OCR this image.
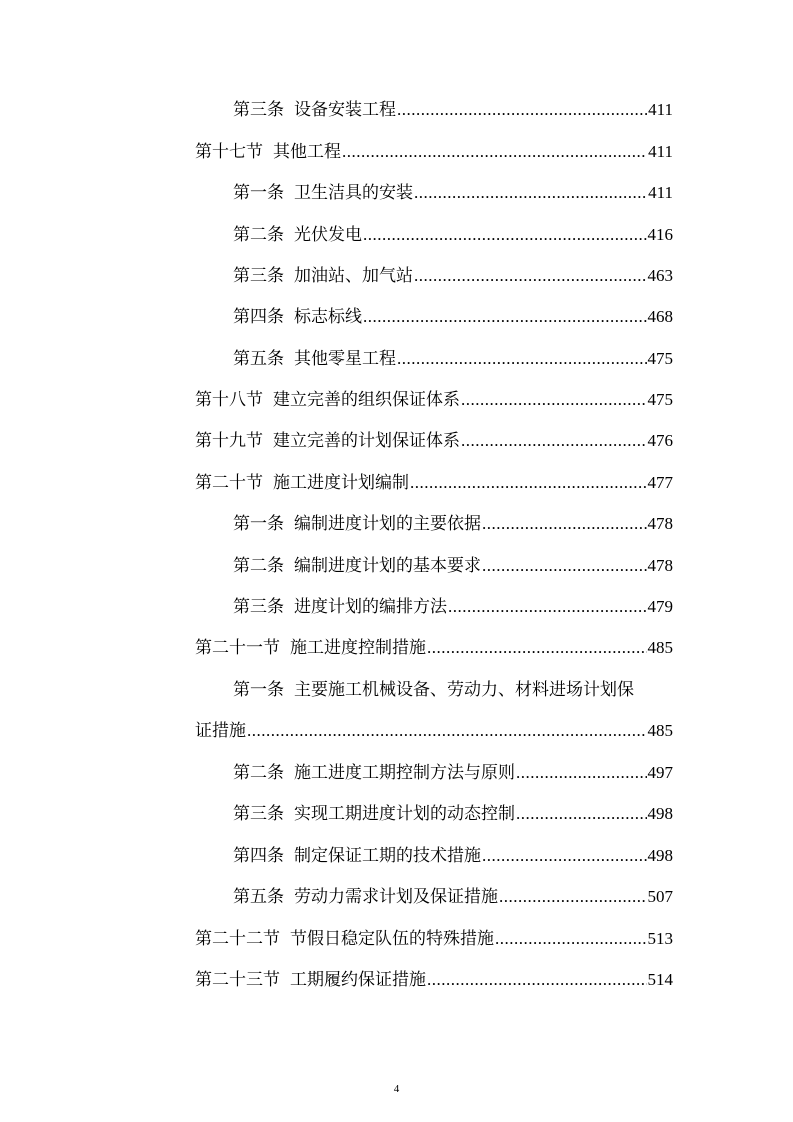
第三条 设备安装工程 .....	411
第十七节 其他工程 .....	411
第一条 卫生洁具的安装 .....	411
第二条 光伏发电 .....	416
第三条 加油站、加气站 .....	463
第四条 标志标线 .....	468
第五条 其他零星工程 .....	475
第十八节 建立完善的组织保证体系 .....	475
第十九节 建立完善的计划保证体系 .....	476
第二十节 施工进度计划编制 .....	477
第一条 编制进度计划的主要依据 .....	478
第二条 编制进度计划的基本要求 .....	478
第三条 进度计划的编排方法 .....	479
第二十一节 施工进度控制措施 .....	485
第一条 主要施工机械设备、劳动力、材料进场计划保
证措施 .....	485
第二条 施工进度工期控制方法与原则 .....	497
第三条 实现工期进度计划的动态控制 .....	498
第四条 制定保证工期的技术措施 .....	498
第五条 劳动力需求计划及保证措施 .....	507
第二十二节 节假日稳定队伍的特殊措施 .....	513
第二十三节 工期履约保证措施 .....	514
4
